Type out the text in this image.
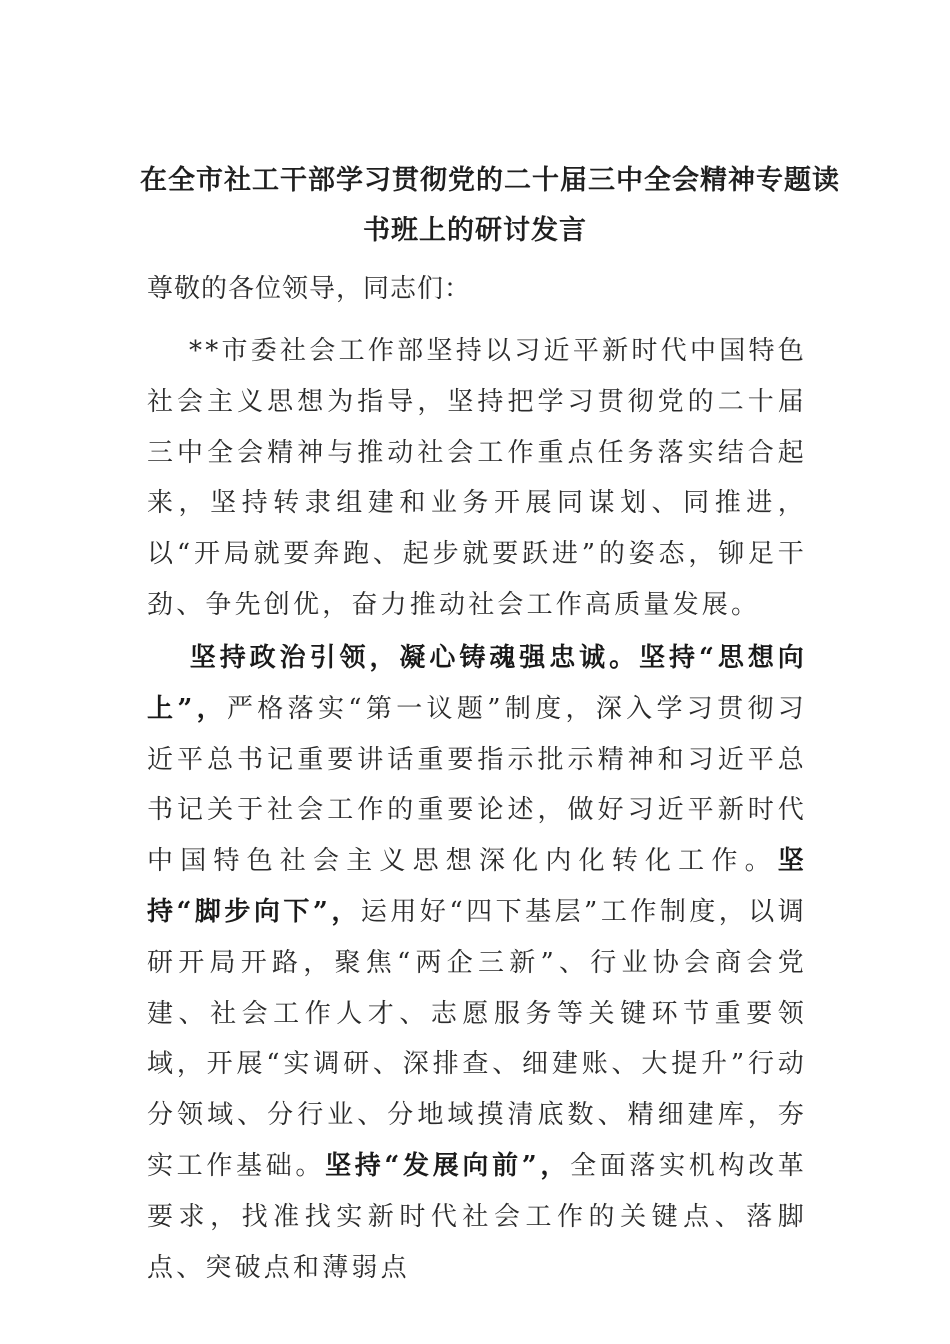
在全市社工干部学习贯彻党的二十届三中全会精神专题读
书班上的研讨发言
尊敬的各位领导，同志们：

**市委社会工作部坚持以习近平新时代中国特色社会主义思想为指导，坚持把学习贯彻党的二十届三中全会精神与推动社会工作重点任务落实结合起来，坚持转隶组建和业务开展同谋划、同推进，以“开局就要奔跑、起步就要跃进”的姿态，铆足干劲、争先创优，奋力推动社会工作高质量发展。

坚持政治引领，凝心铸魂强忠诚。坚持“思想向上”，严格落实“第一议题”制度，深入学习贯彻习近平总书记重要讲话重要指示批示精神和习近平总书记关于社会工作的重要论述，做好习近平新时代中国特色社会主义思想深化内化转化工作。坚持“脚步向下”，运用好“四下基层”工作制度，以调研开局开路，聚焦“两企三新”、行业协会商会党建、社会工作人才、志愿服务等关键环节重要领域，开展“实调研、深排查、细建账、大提升”行动分领域、分行业、分地域摸清底数、精细建库，夯实工作基础。坚持“发展向前”，全面落实机构改革要求，找准找实新时代社会工作的关键点、落脚点、突破点和薄弱点
